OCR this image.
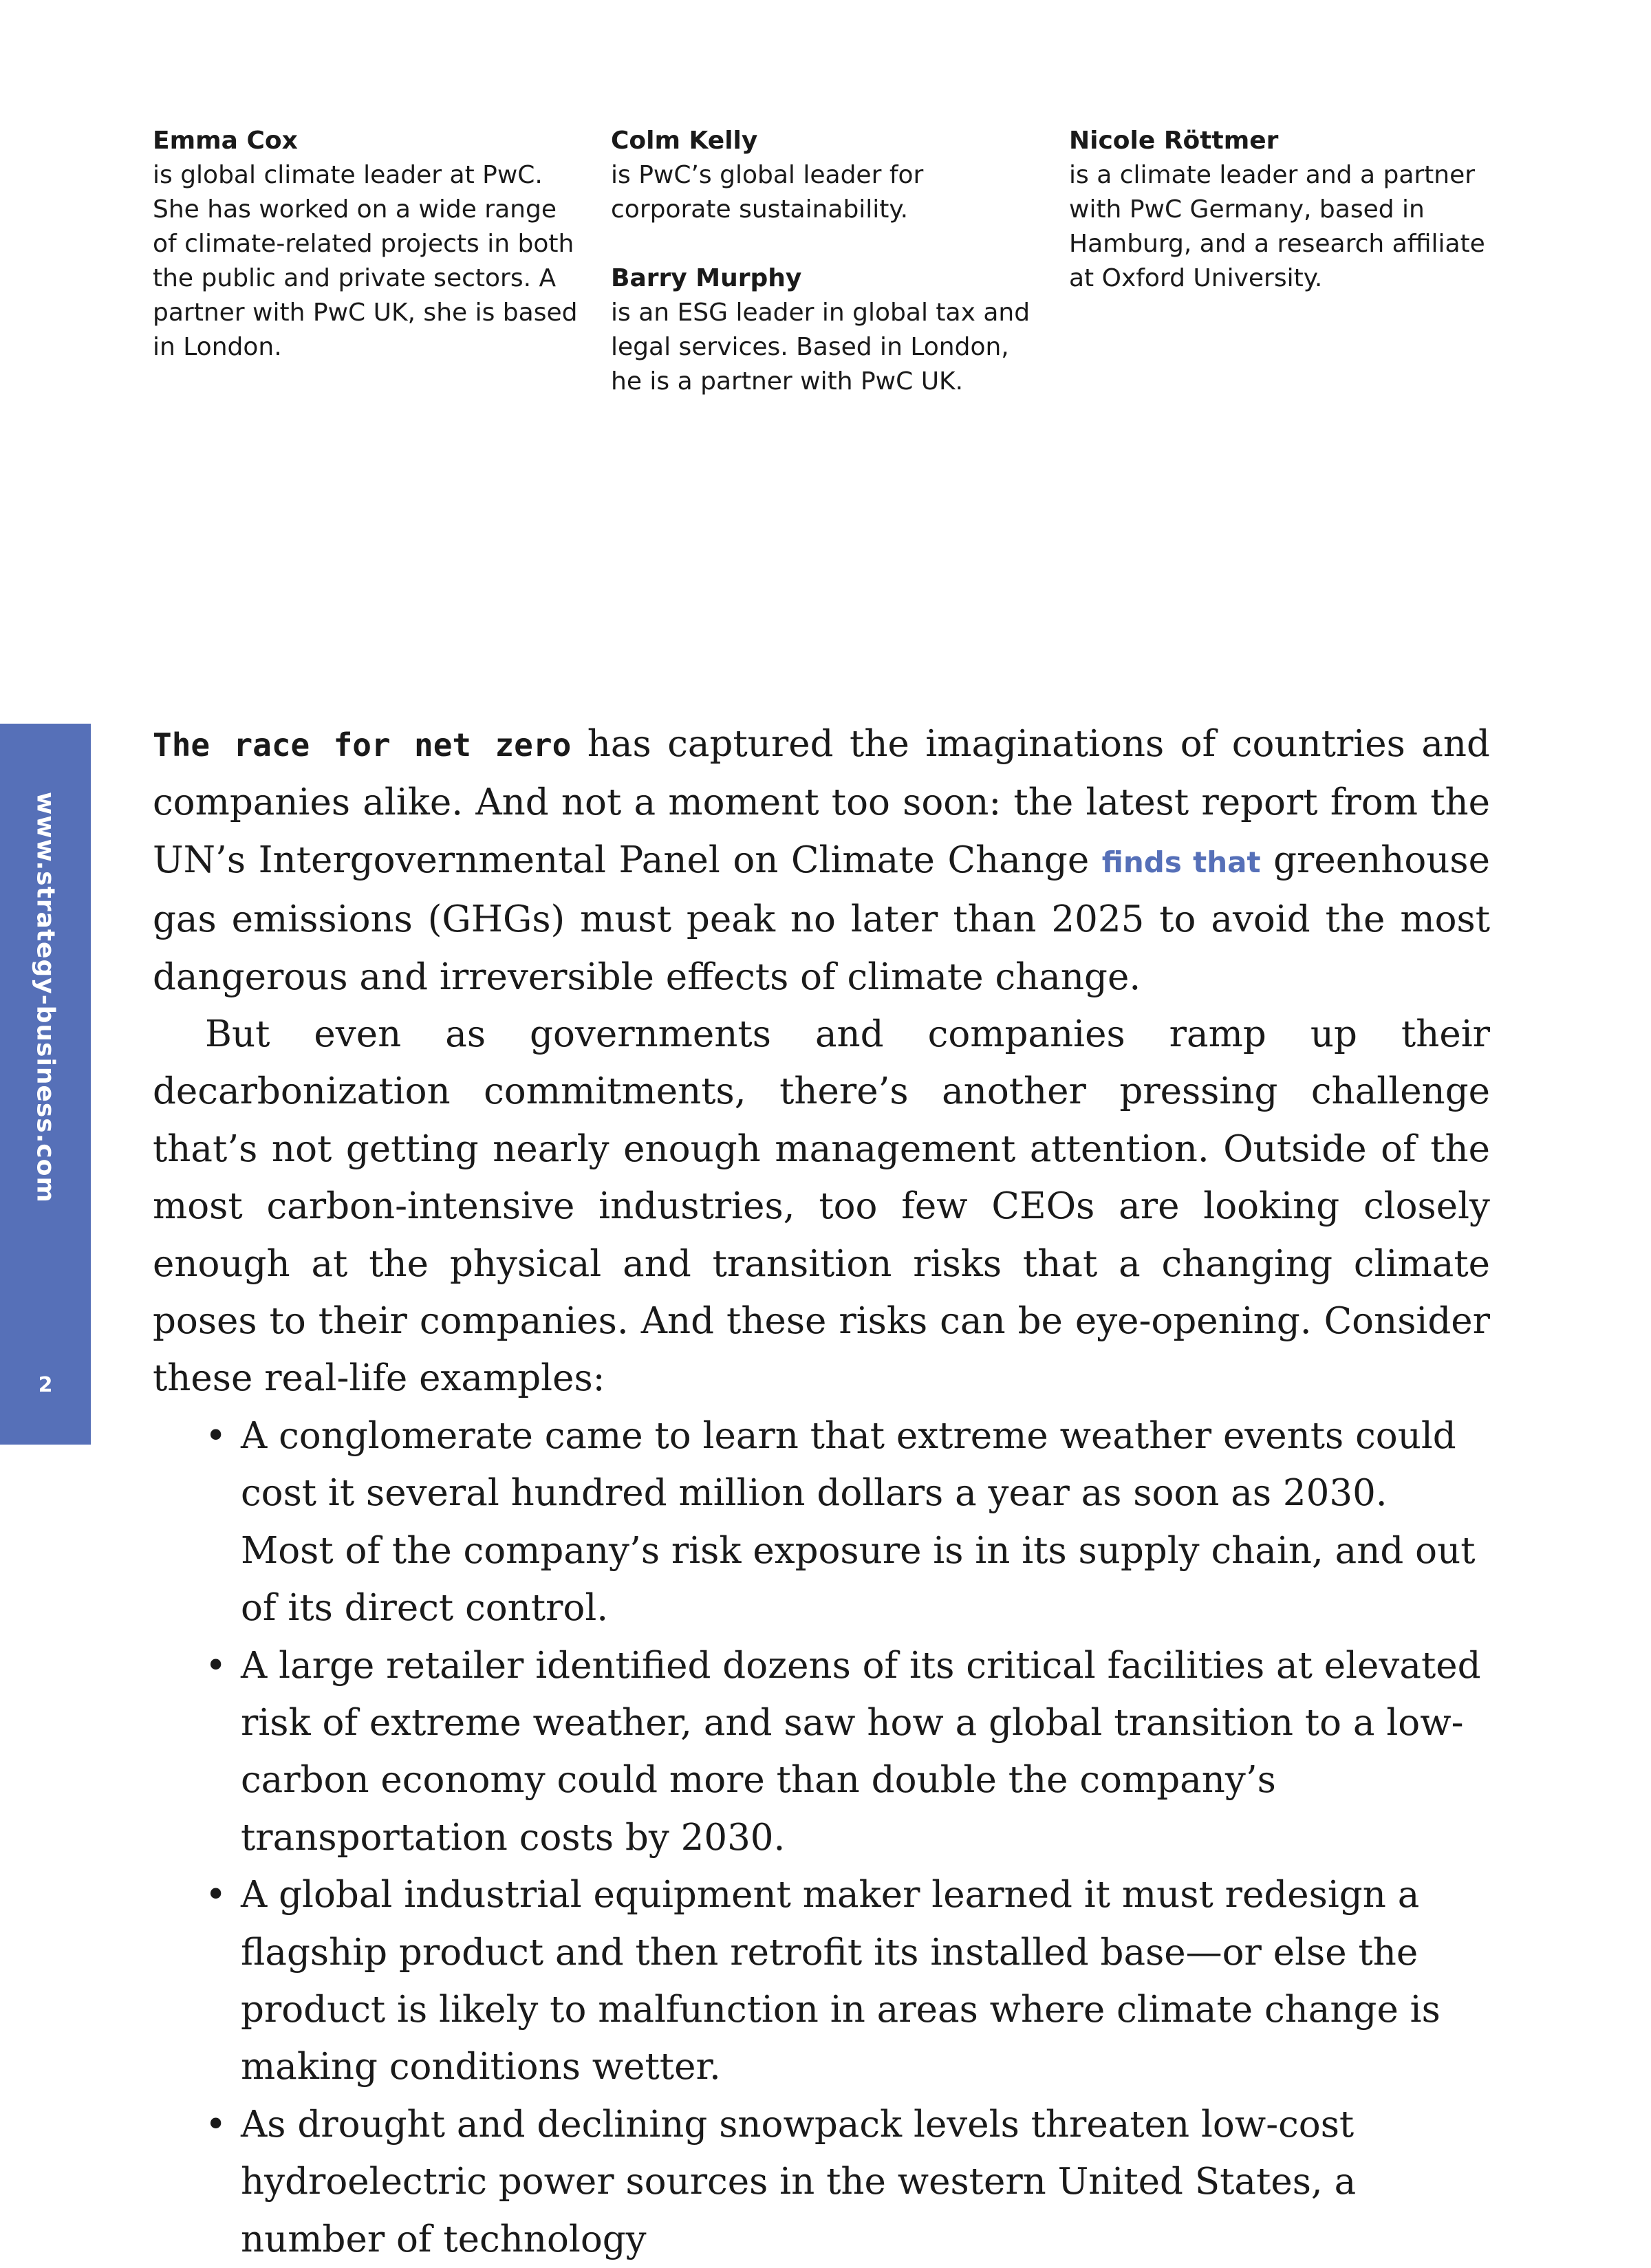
Emma Cox
is global climate leader at PwC. She has worked on a wide range of climate-related projects in both the public and private sectors. A partner with PwC UK, she is based in London.
Colm Kelly
is PwC’s global leader for corporate sustainability.
Barry Murphy
is an ESG leader in global tax and legal services. Based in London, he is a partner with PwC UK.
Nicole Röttmer
is a climate leader and a partner with PwC Germany, based in Hamburg, and a research affiliate at Oxford University.
www.strategy-business.com
2

The race for net zero has captured the imaginations of countries and companies alike. And not a moment too soon: the latest report from the UN’s Intergovernmental Panel on Climate Change finds that greenhouse gas emissions (GHGs) must peak no later than 2025 to avoid the most dangerous and irreversible effects of climate change.

But even as governments and companies ramp up their decarbonization commitments, there’s another pressing challenge that’s not getting nearly enough management attention. Outside of the most carbon-intensive industries, too few CEOs are looking closely enough at the physical and transition risks that a changing climate poses to their companies. And these risks can be eye-opening. Consider these real-life examples:

• A conglomerate came to learn that extreme weather events could cost it several hundred million dollars a year as soon as 2030. Most of the company’s risk exposure is in its supply chain, and out of its direct control.
• A large retailer identified dozens of its critical facilities at elevated risk of extreme weather, and saw how a global transition to a low-carbon economy could more than double the company’s transportation costs by 2030.
• A global industrial equipment maker learned it must redesign a flagship product and then retrofit its installed base—or else the product is likely to malfunction in areas where climate change is making conditions wetter.
• As drought and declining snowpack levels threaten low-cost hydroelectric power sources in the western United States, a number of technology
